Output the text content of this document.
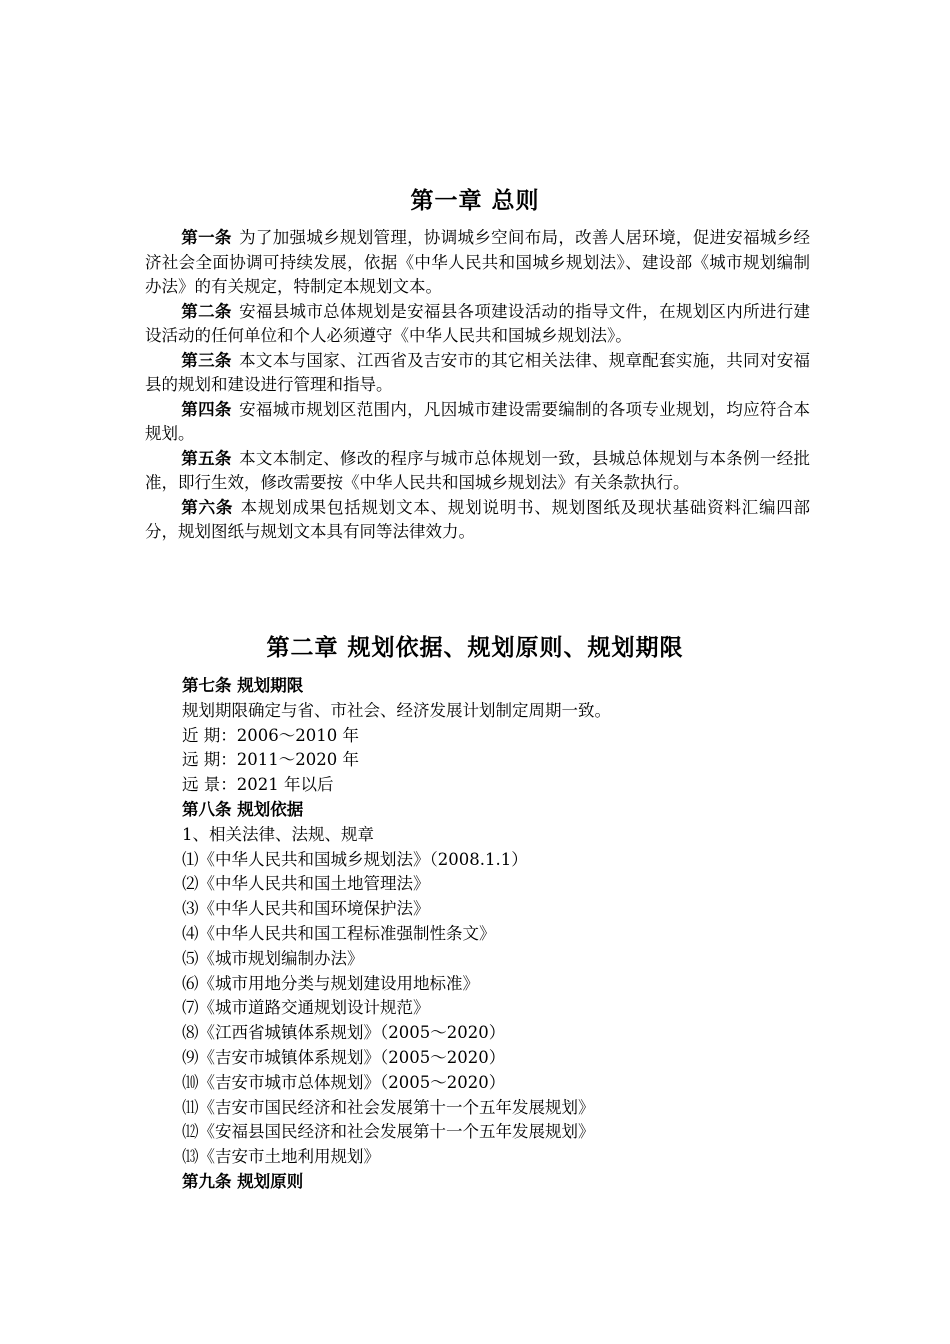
第一章 总则

第一条 为了加强城乡规划管理，协调城乡空间布局，改善人居环境，促进安福城乡经济社会全面协调可持续发展，依据《中华人民共和国城乡规划法》、建设部《城市规划编制办法》的有关规定，特制定本规划文本。

第二条 安福县城市总体规划是安福县各项建设活动的指导文件，在规划区内所进行建设活动的任何单位和个人必须遵守《中华人民共和国城乡规划法》。

第三条 本文本与国家、江西省及吉安市的其它相关法律、规章配套实施，共同对安福县的规划和建设进行管理和指导。

第四条 安福城市规划区范围内，凡因城市建设需要编制的各项专业规划，均应符合本规划。

第五条 本文本制定、修改的程序与城市总体规划一致，县城总体规划与本条例一经批准，即行生效，修改需要按《中华人民共和国城乡规划法》有关条款执行。

第六条 本规划成果包括规划文本、规划说明书、规划图纸及现状基础资料汇编四部分，规划图纸与规划文本具有同等法律效力。

第二章 规划依据、规划原则、规划期限

第七条 规划期限

规划期限确定与省、市社会、经济发展计划制定周期一致。

近 期：2006～2010 年

远 期：2011～2020 年

远 景：2021 年以后

第八条 规划依据

1、相关法律、法规、规章

⑴《中华人民共和国城乡规划法》（2008.1.1）

⑵《中华人民共和国土地管理法》

⑶《中华人民共和国环境保护法》

⑷《中华人民共和国工程标准强制性条文》

⑸《城市规划编制办法》

⑹《城市用地分类与规划建设用地标准》

⑺《城市道路交通规划设计规范》

⑻《江西省城镇体系规划》（2005～2020）

⑼《吉安市城镇体系规划》（2005～2020）

⑽《吉安市城市总体规划》（2005～2020）

⑾《吉安市国民经济和社会发展第十一个五年发展规划》

⑿《安福县国民经济和社会发展第十一个五年发展规划》

⒀《吉安市土地利用规划》

第九条 规划原则
